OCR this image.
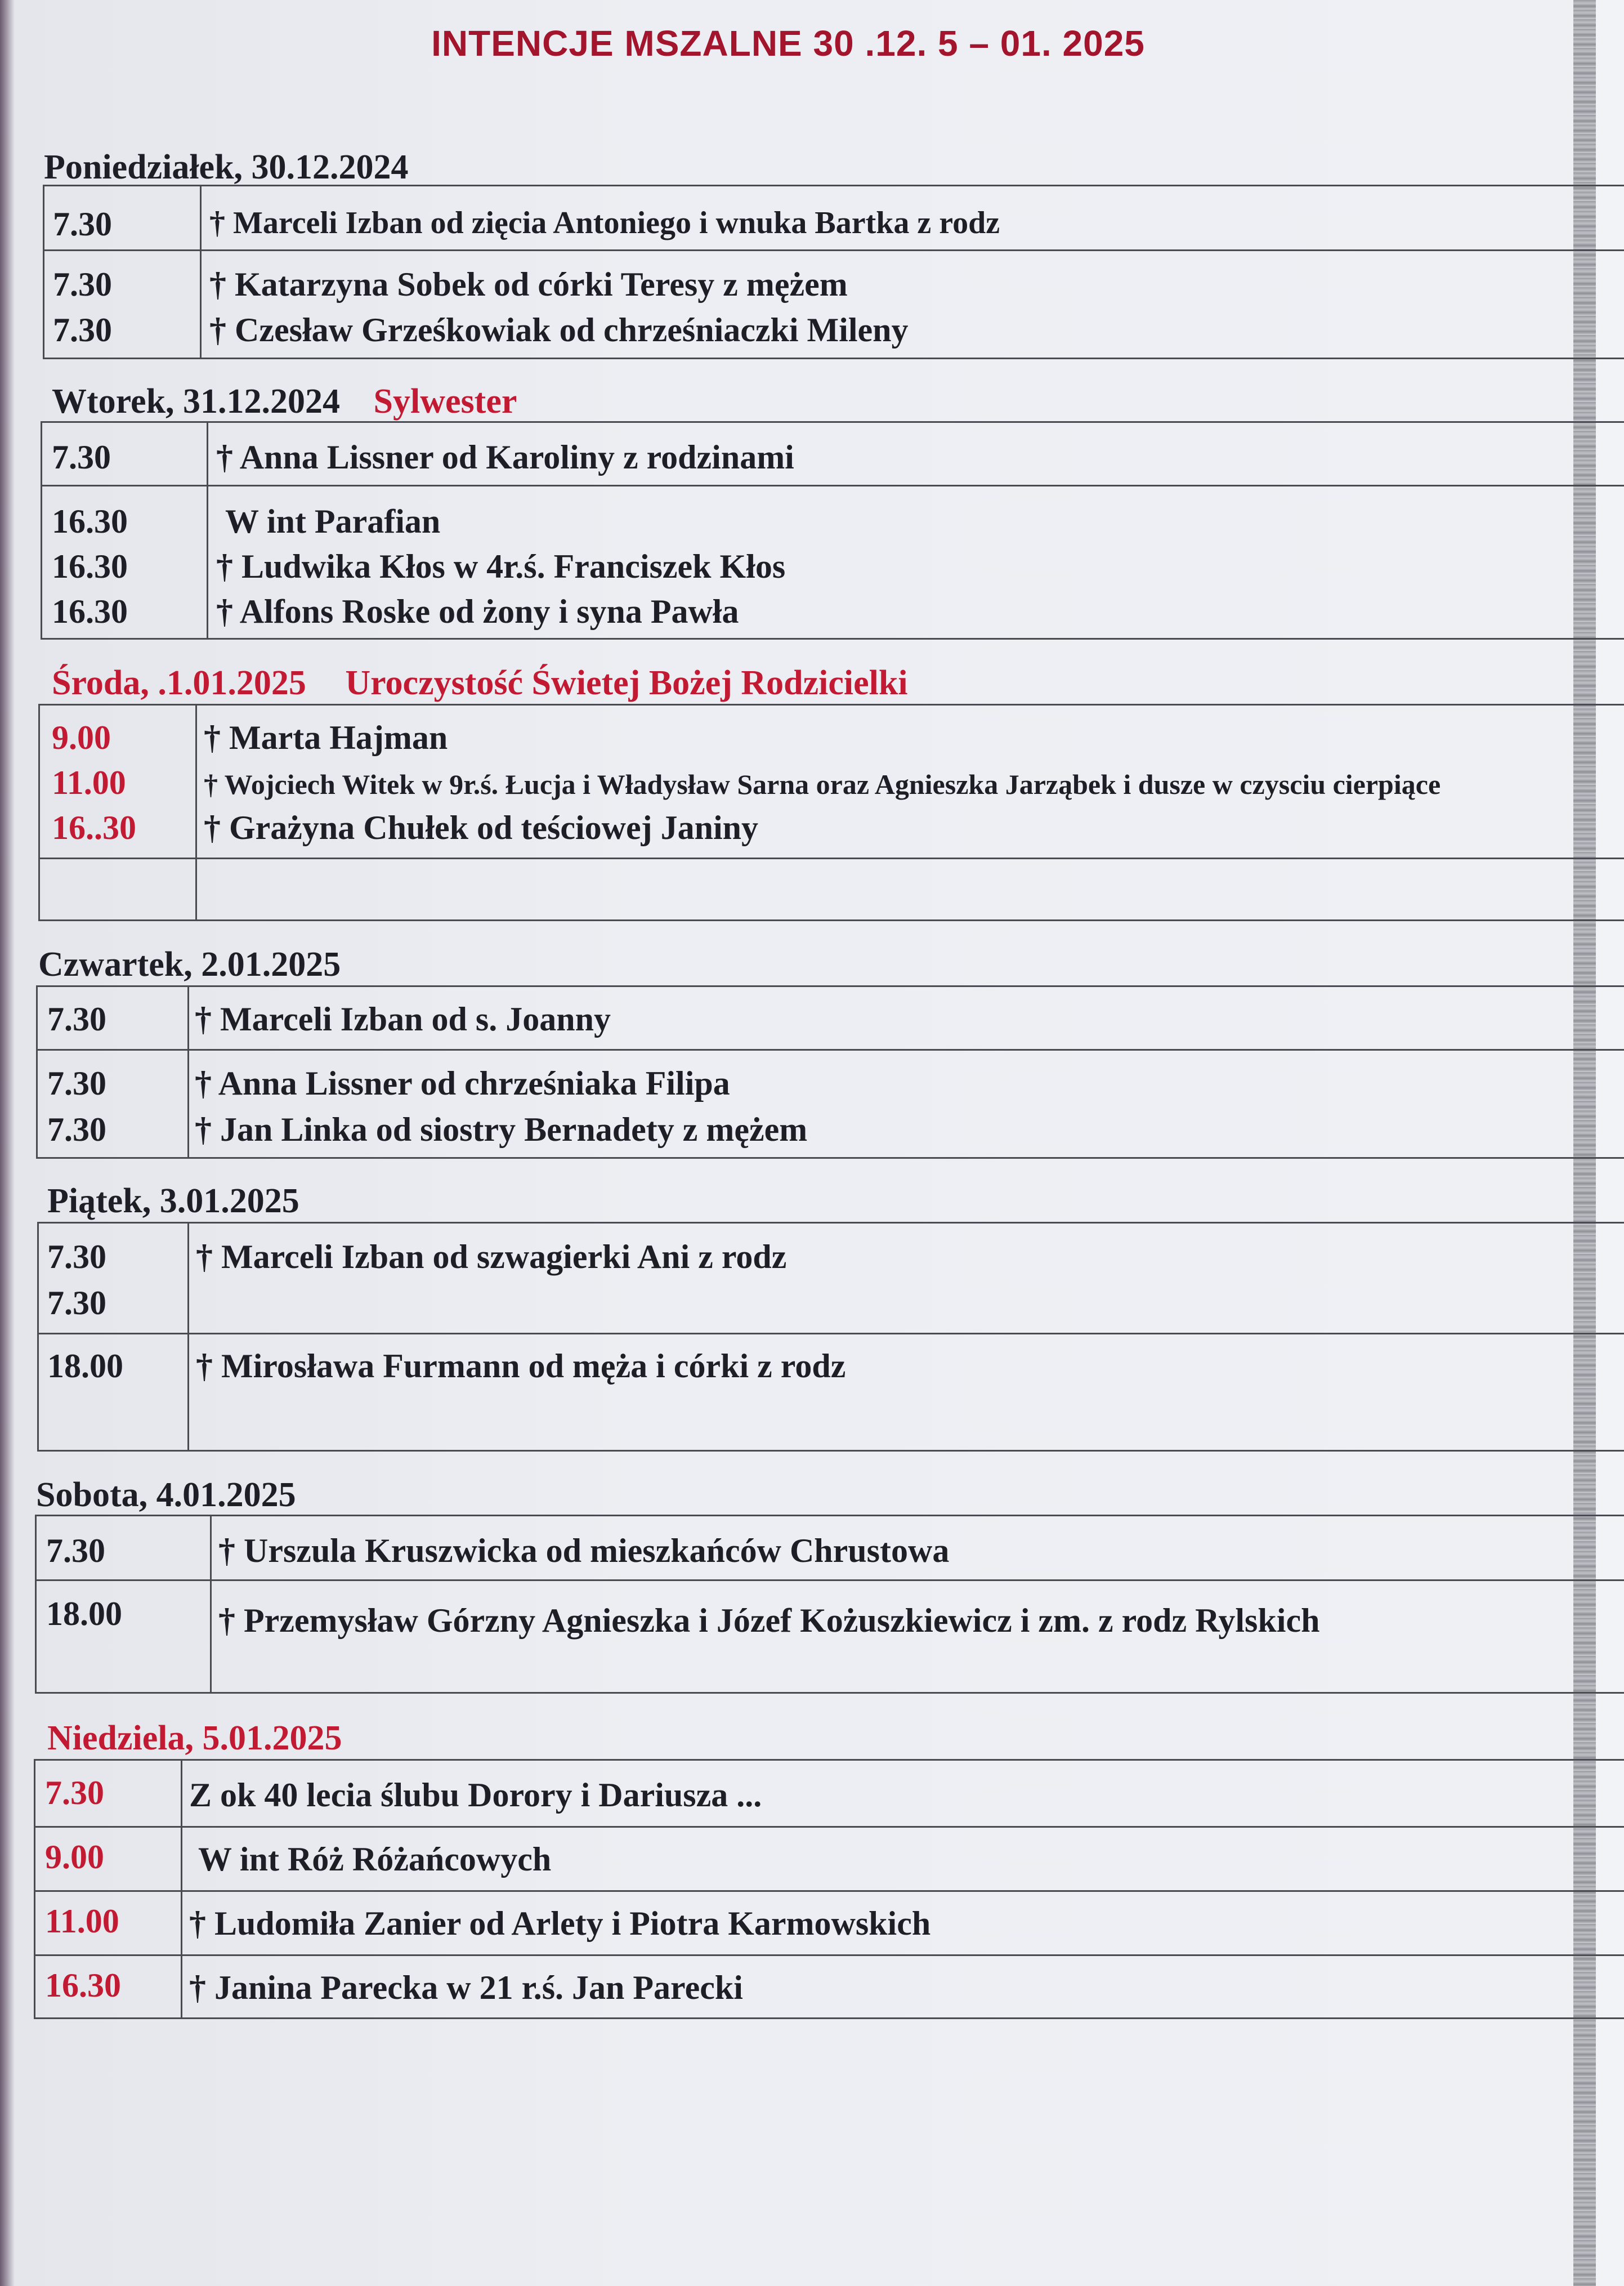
INTENCJE MSZALNE 30 .12. 5 – 01. 2025
Poniedziałek, 30.12.2024
7.30	† Marceli Izban od zięcia Antoniego i wnuka Bartka z rodz
7.30	† Katarzyna Sobek od córki Teresy z mężem
7.30	† Czesław Grześkowiak od chrześniaczki Mileny
Wtorek, 31.12.2024 Sylwester
7.30	† Anna Lissner od Karoliny z rodzinami
16.30	W int Parafian
16.30	† Ludwika Kłos w 4r.ś. Franciszek Kłos
16.30	† Alfons Roske od żony i syna Pawła
Środa, .1.01.2025 Uroczystość Świetej Bożej Rodzicielki
9.00	† Marta Hajman
11.00	† Wojciech Witek w 9r.ś. Łucja i Władysław Sarna oraz Agnieszka Jarząbek i dusze w czysciu cierpiące
16..30 † Grażyna Chułek od teściowej Janiny
Czwartek, 2.01.2025
7.30	† Marceli Izban od s. Joanny
7.30	† Anna Lissner od chrześniaka Filipa
7.30	† Jan Linka od siostry Bernadety z mężem
Piątek, 3.01.2025
7.30	† Marceli Izban od szwagierki Ani z rodz
7.30
18.00 † Mirosława Furmann od męża i córki z rodz
Sobota, 4.01.2025
7.30	† Urszula Kruszwicka od mieszkańców Chrustowa
18.00	† Przemysław Górzny Agnieszka i Józef Kożuszkiewicz i zm. z rodz Rylskich
Niedziela, 5.01.2025
7.30	Z ok 40 lecia ślubu Dorory i Dariusza ...
9.00	W int Róż Różańcowych
11.00 † Ludomiła Zanier od Arlety i Piotra Karmowskich
16.30 † Janina Parecka w 21 r.ś. Jan Parecki
